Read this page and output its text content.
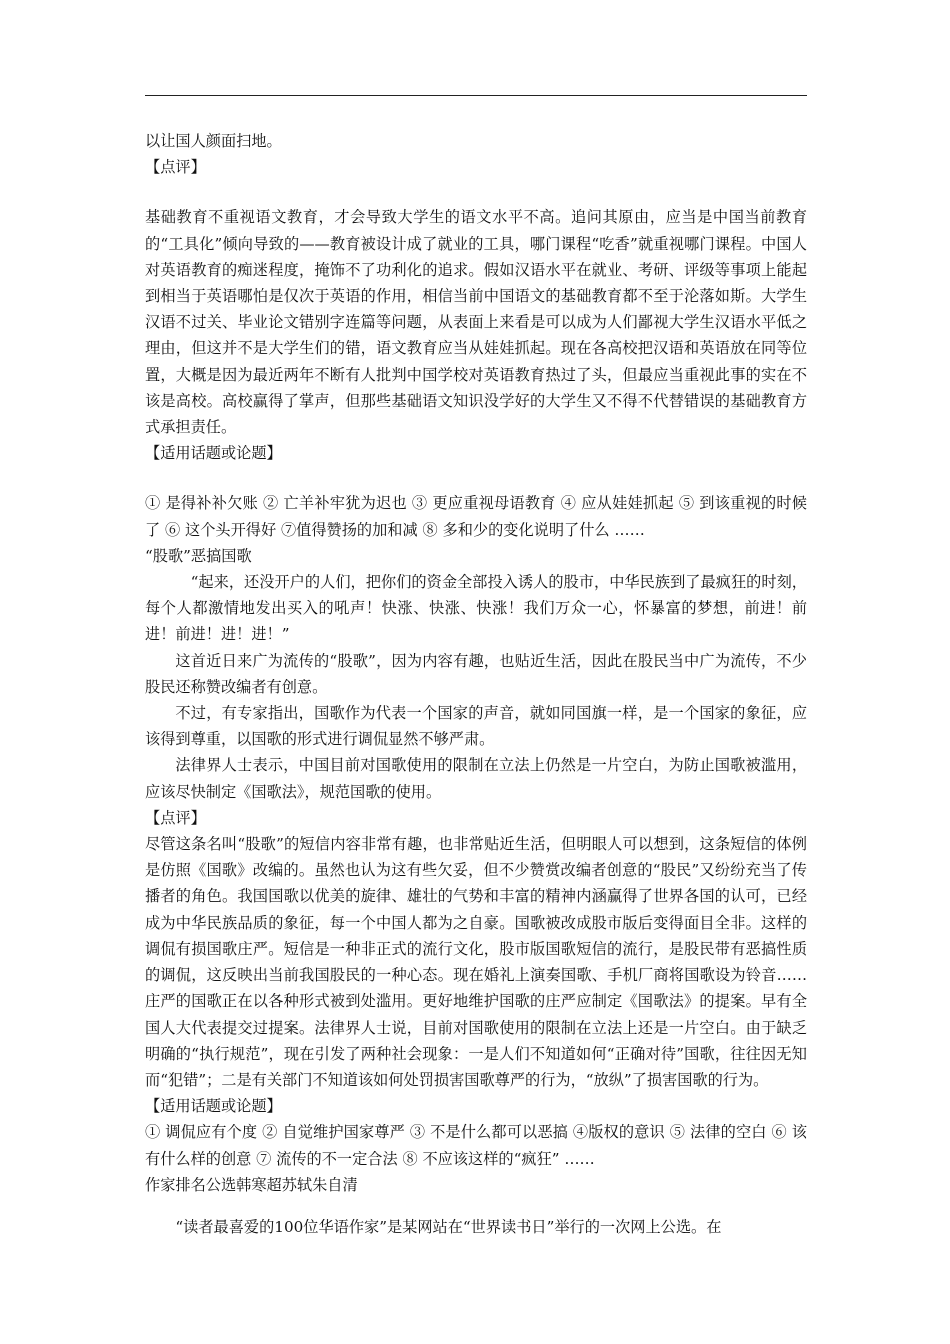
以让国人颜面扫地。

【点评】

基础教育不重视语文教育，才会导致大学生的语文水平不高。追问其原由，应当是中国当前教育的“工具化”倾向导致的——教育被设计成了就业的工具，哪门课程“吃香”就重视哪门课程。中国人对英语教育的痴迷程度，掩饰不了功利化的追求。假如汉语水平在就业、考研、评级等事项上能起到相当于英语哪怕是仅次于英语的作用，相信当前中国语文的基础教育都不至于沦落如斯。大学生汉语不过关、毕业论文错别字连篇等问题，从表面上来看是可以成为人们鄙视大学生汉语水平低之理由，但这并不是大学生们的错，语文教育应当从娃娃抓起。现在各高校把汉语和英语放在同等位置，大概是因为最近两年不断有人批判中国学校对英语教育热过了头，但最应当重视此事的实在不该是高校。高校赢得了掌声，但那些基础语文知识没学好的大学生又不得不代替错误的基础教育方式承担责任。

【适用话题或论题】

① 是得补补欠账 ② 亡羊补牢犹为迟也 ③ 更应重视母语教育 ④ 应从娃娃抓起 ⑤ 到该重视的时候了 ⑥ 这个头开得好 ⑦值得赞扬的加和减 ⑧ 多和少的变化说明了什么 ……

“股歌”恶搞国歌

“起来，还没开户的人们，把你们的资金全部投入诱人的股市，中华民族到了最疯狂的时刻，每个人都激情地发出买入的吼声！快涨、快涨、快涨！我们万众一心，怀暴富的梦想，前进！前进！前进！进！进！”

这首近日来广为流传的“股歌”，因为内容有趣，也贴近生活，因此在股民当中广为流传，不少股民还称赞改编者有创意。

不过，有专家指出，国歌作为代表一个国家的声音，就如同国旗一样，是一个国家的象征，应该得到尊重，以国歌的形式进行调侃显然不够严肃。

法律界人士表示，中国目前对国歌使用的限制在立法上仍然是一片空白，为防止国歌被滥用，应该尽快制定《国歌法》，规范国歌的使用。

【点评】

尽管这条名叫“股歌”的短信内容非常有趣，也非常贴近生活，但明眼人可以想到，这条短信的体例是仿照《国歌》改编的。虽然也认为这有些欠妥，但不少赞赏改编者创意的“股民”又纷纷充当了传播者的角色。我国国歌以优美的旋律、雄壮的气势和丰富的精神内涵赢得了世界各国的认可，已经成为中华民族品质的象征，每一个中国人都为之自豪。国歌被改成股市版后变得面目全非。这样的调侃有损国歌庄严。短信是一种非正式的流行文化，股市版国歌短信的流行，是股民带有恶搞性质的调侃，这反映出当前我国股民的一种心态。现在婚礼上演奏国歌、手机厂商将国歌设为铃音……庄严的国歌正在以各种形式被到处滥用。更好地维护国歌的庄严应制定《国歌法》的提案。早有全国人大代表提交过提案。法律界人士说，目前对国歌使用的限制在立法上还是一片空白。由于缺乏明确的“执行规范”，现在引发了两种社会现象：一是人们不知道如何“正确对待”国歌，往往因无知而“犯错”；二是有关部门不知道该如何处罚损害国歌尊严的行为，“放纵”了损害国歌的行为。

【适用话题或论题】

① 调侃应有个度 ② 自觉维护国家尊严 ③ 不是什么都可以恶搞 ④版权的意识 ⑤ 法律的空白 ⑥ 该有什么样的创意 ⑦ 流传的不一定合法 ⑧ 不应该这样的“疯狂” ……

作家排名公选韩寒超苏轼朱自清

“读者最喜爱的100位华语作家”是某网站在“世界读书日”举行的一次网上公选。在
